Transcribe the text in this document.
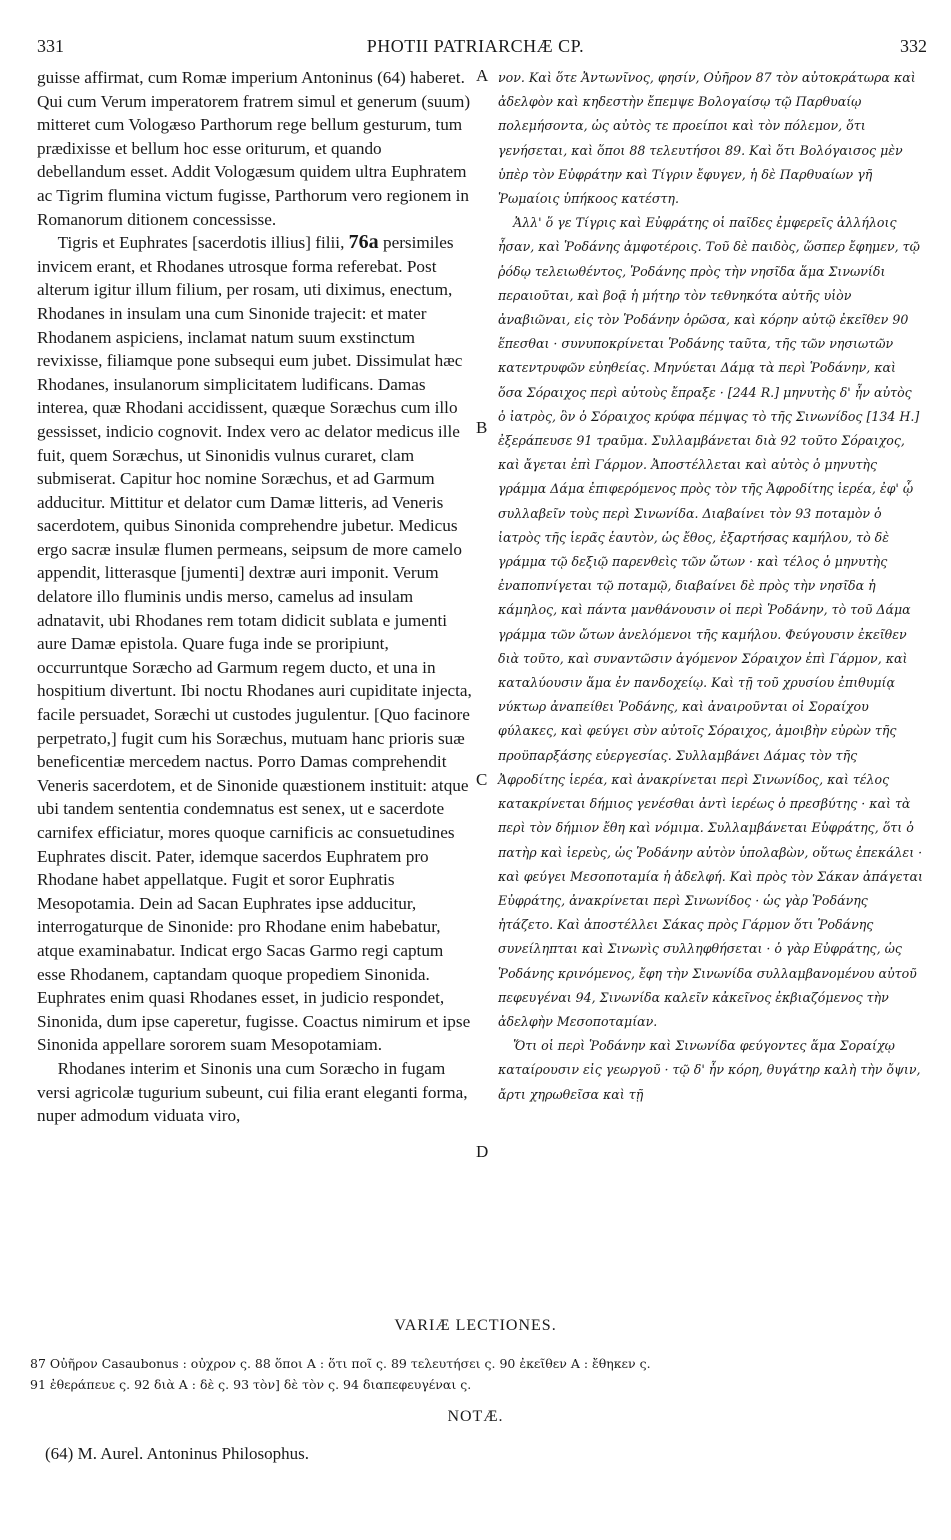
331	PHOTII PATRIARCHÆ CP.	332

guisse affirmat, cum Romæ imperium Antoninus (64) haberet. Qui cum Verum imperatorem fratrem simul et generum (suum) mitteret cum Vologæso Parthorum rege bellum gesturum, tum prædixisse et bellum hoc esse oriturum, et quando debellandum esset. Addit Vologæsum quidem ultra Euphratem ac Tigrim flumina victum fugisse, Parthorum vero regionem in Romanorum ditionem concessisse.

Tigris et Euphrates [sacerdotis illius] filii, 76a persimiles invicem erant, et Rhodanes utrosque forma referebat. Post alterum igitur illum filium, per rosam, uti diximus, enectum, Rhodanes in insulam una cum Sinonide trajecit: et mater Rhodanem aspiciens, inclamat natum suum exstinctum revixisse, filiamque pone subsequi eum jubet. Dissimulat hæc Rhodanes, insulanorum simplicitatem ludificans. Damas interea, quæ Rhodani accidissent, quæque Soræchus cum illo gessisset, indicio cognovit. Index vero ac delator medicus ille fuit, quem Soræchus, ut Sinonidis vulnus curaret, clam submiserat. Capitur hoc nomine Soræchus, et ad Garmum adducitur. Mittitur et delator cum Damæ litteris, ad Veneris sacerdotem, quibus Sinonida comprehendre jubetur. Medicus ergo sacræ insulæ flumen permeans, seipsum de more camelo appendit, litterasque [jumenti] dextræ auri imponit. Verum delatore illo fluminis undis merso, camelus ad insulam adnatavit, ubi Rhodanes rem totam didicit sublata e jumenti aure Damæ epistola. Quare fuga inde se proripiunt, occurruntque Soræcho ad Garmum regem ducto, et una in hospitium divertunt. Ibi noctu Rhodanes auri cupiditate injecta, facile persuadet, Soræchi ut custodes jugulentur. [Quo facinore perpetrato,] fugit cum his Soræchus, mutuam hanc prioris suæ beneficentiæ mercedem nactus. Porro Damas comprehendit Veneris sacerdotem, et de Sinonide quæstionem instituit: atque ubi tandem sententia condemnatus est senex, ut e sacerdote carnifex efficiatur, mores quoque carnificis ac consuetudines Euphrates discit. Pater, idemque sacerdos Euphratem pro Rhodane habet appellatque. Fugit et soror Euphratis Mesopotamia. Dein ad Sacan Euphrates ipse adducitur, interrogaturque de Sinonide: pro Rhodane enim habebatur, atque examinabatur. Indicat ergo Sacas Garmo regi captum esse Rhodanem, captandam quoque propediem Sinonida. Euphrates enim quasi Rhodanes esset, in judicio respondet, Sinonida, dum ipse caperetur, fugisse. Coactus nimirum et ipse Sinonida appellare sororem suam Mesopotamiam.

Rhodanes interim et Sinonis una cum Soræcho in fugam versi agricolæ tugurium subeunt, cui filia erant eleganti forma, nuper admodum viduata viro,

A
B
C
D

νον. Καὶ ὅτε Ἀντωνῖνος, φησίν, Οὐῆρον 87 τὸν αὐτοκράτωρα καὶ ἀδελφὸν καὶ κηδεστὴν ἔπεμψε Βολογαίσῳ τῷ Παρθυαίῳ πολεμήσοντα, ὡς αὐτὸς τε προείποι καὶ τὸν πόλεμον, ὅτι γενήσεται, καὶ ὅποι 88 τελευτήσοι 89. Καὶ ὅτι Βολόγαισος μὲν ὑπὲρ τὸν Εὐφράτην καὶ Τίγριν ἔφυγεν, ἡ δὲ Παρθυαίων γῆ Ῥωμαίοις ὑπήκοος κατέστη.

Ἀλλ' ὅ γε Τίγρις καὶ Εὐφράτης οἱ παῖδες ἐμφερεῖς ἀλλήλοις ἦσαν, καὶ Ῥοδάνης ἀμφοτέροις. Τοῦ δὲ παιδὸς, ὥσπερ ἔφημεν, τῷ ῥόδῳ τελειωθέντος, Ῥοδάνης πρὸς τὴν νησῖδα ἅμα Σινωνίδι περαιοῦται, καὶ βοᾷ ἡ μήτηρ τὸν τεθνηκότα αὐτῆς υἱὸν ἀναβιῶναι, εἰς τὸν Ῥοδάνην ὁρῶσα, καὶ κόρην αὐτῷ ἐκεῖθεν 90 ἕπεσθαι · συνυποκρίνεται Ῥοδάνης ταῦτα, τῆς τῶν νησιωτῶν κατεντρυφῶν εὐηθείας. Μηνύεται Δάμᾳ τὰ περὶ Ῥοδάνην, καὶ ὅσα Σόραιχος περὶ αὐτοὺς ἔπραξε · [244 R.] μηνυτὴς δ' ἦν αὐτὸς ὁ ἰατρὸς, ὃν ὁ Σόραιχος κρύφα πέμψας τὸ τῆς Σινωνίδος [134 H.] ἐξεράπευσε 91 τραῦμα. Συλλαμβάνεται διὰ 92 τοῦτο Σόραιχος, καὶ ἄγεται ἐπὶ Γάρμον. Ἀποστέλλεται καὶ αὐτὸς ὁ μηνυτὴς γράμμα Δάμα ἐπιφερόμενος πρὸς τὸν τῆς Ἀφροδίτης ἱερέα, ἐφ' ᾧ συλλαβεῖν τοὺς περὶ Σινωνίδα. Διαβαίνει τὸν 93 ποταμὸν ὁ ἰατρὸς τῆς ἱερᾶς ἑαυτὸν, ὡς ἔθος, ἐξαρτήσας καμήλου, τὸ δὲ γράμμα τῷ δεξιῷ παρενθεὶς τῶν ὤτων · καὶ τέλος ὁ μηνυτὴς ἐναποπνίγεται τῷ ποταμῷ, διαβαίνει δὲ πρὸς τὴν νησῖδα ἡ κάμηλος, καὶ πάντα μανθάνουσιν οἱ περὶ Ῥοδάνην, τὸ τοῦ Δάμα γράμμα τῶν ὤτων ἀνελόμενοι τῆς καμήλου. Φεύγουσιν ἐκεῖθεν διὰ τοῦτο, καὶ συναντῶσιν ἀγόμενον Σόραιχον ἐπὶ Γάρμον, καὶ καταλύουσιν ἅμα ἐν πανδοχείῳ. Καὶ τῇ τοῦ χρυσίου ἐπιθυμίᾳ νύκτωρ ἀναπείθει Ῥοδάνης, καὶ ἀναιροῦνται οἱ Σοραίχου φύλακες, καὶ φεύγει σὺν αὐτοῖς Σόραιχος, ἀμοιβὴν εὐρὼν τῆς προϋπαρξάσης εὐεργεσίας. Συλλαμβάνει Δάμας τὸν τῆς Ἀφροδίτης ἱερέα, καὶ ἀνακρίνεται περὶ Σινωνίδος, καὶ τέλος κατακρίνεται δήμιος γενέσθαι ἀντὶ ἱερέως ὁ πρεσβύτης · καὶ τὰ περὶ τὸν δήμιον ἔθη καὶ νόμιμα. Συλλαμβάνεται Εὐφράτης, ὅτι ὁ πατὴρ καὶ ἱερεὺς, ὡς Ῥοδάνην αὐτὸν ὑπολαβὼν, οὕτως ἐπεκάλει · καὶ φεύγει Μεσοποταμία ἡ ἀδελφή. Καὶ πρὸς τὸν Σάκαν ἀπάγεται Εὐφράτης, ἀνακρίνεται περὶ Σινωνίδος · ὡς γὰρ Ῥοδάνης ἠτάζετο. Καὶ ἀποστέλλει Σάκας πρὸς Γάρμον ὅτι Ῥοδάνης συνείληπται καὶ Σινωνὶς συλληφθήσεται · ὁ γὰρ Εὐφράτης, ὡς Ῥοδάνης κρινόμενος, ἔφη τὴν Σινωνίδα συλλαμβανομένου αὐτοῦ πεφευγέναι 94, Σινωνίδα καλεῖν κἀκεῖνος ἐκβιαζόμενος τὴν ἀδελφὴν Μεσοποταμίαν.

Ὅτι οἱ περὶ Ῥοδάνην καὶ Σινωνίδα φεύγοντες ἅμα Σοραίχῳ καταίρουσιν εἰς γεωργοῦ · τῷ δ' ἦν κόρη, θυγάτηρ καλὴ τὴν ὄψιν, ἄρτι χηρωθεῖσα καὶ τῇ

VARIÆ LECTIONES.
87 Οὐῆρον Casaubonus : οὐχρον ς. 88 ὅποι A : ὅτι ποῖ ς. 89 τελευτήσει ς. 90 ἐκεῖθεν A : ἔθηκεν ς.
91 ἐθεράπευε ς. 92 διὰ A : δὲ ς. 93 τὸν] δὲ τὸν ς. 94 διαπεφευγέναι ς.
NOTÆ.
(64) M. Aurel. Antoninus Philosophus.
